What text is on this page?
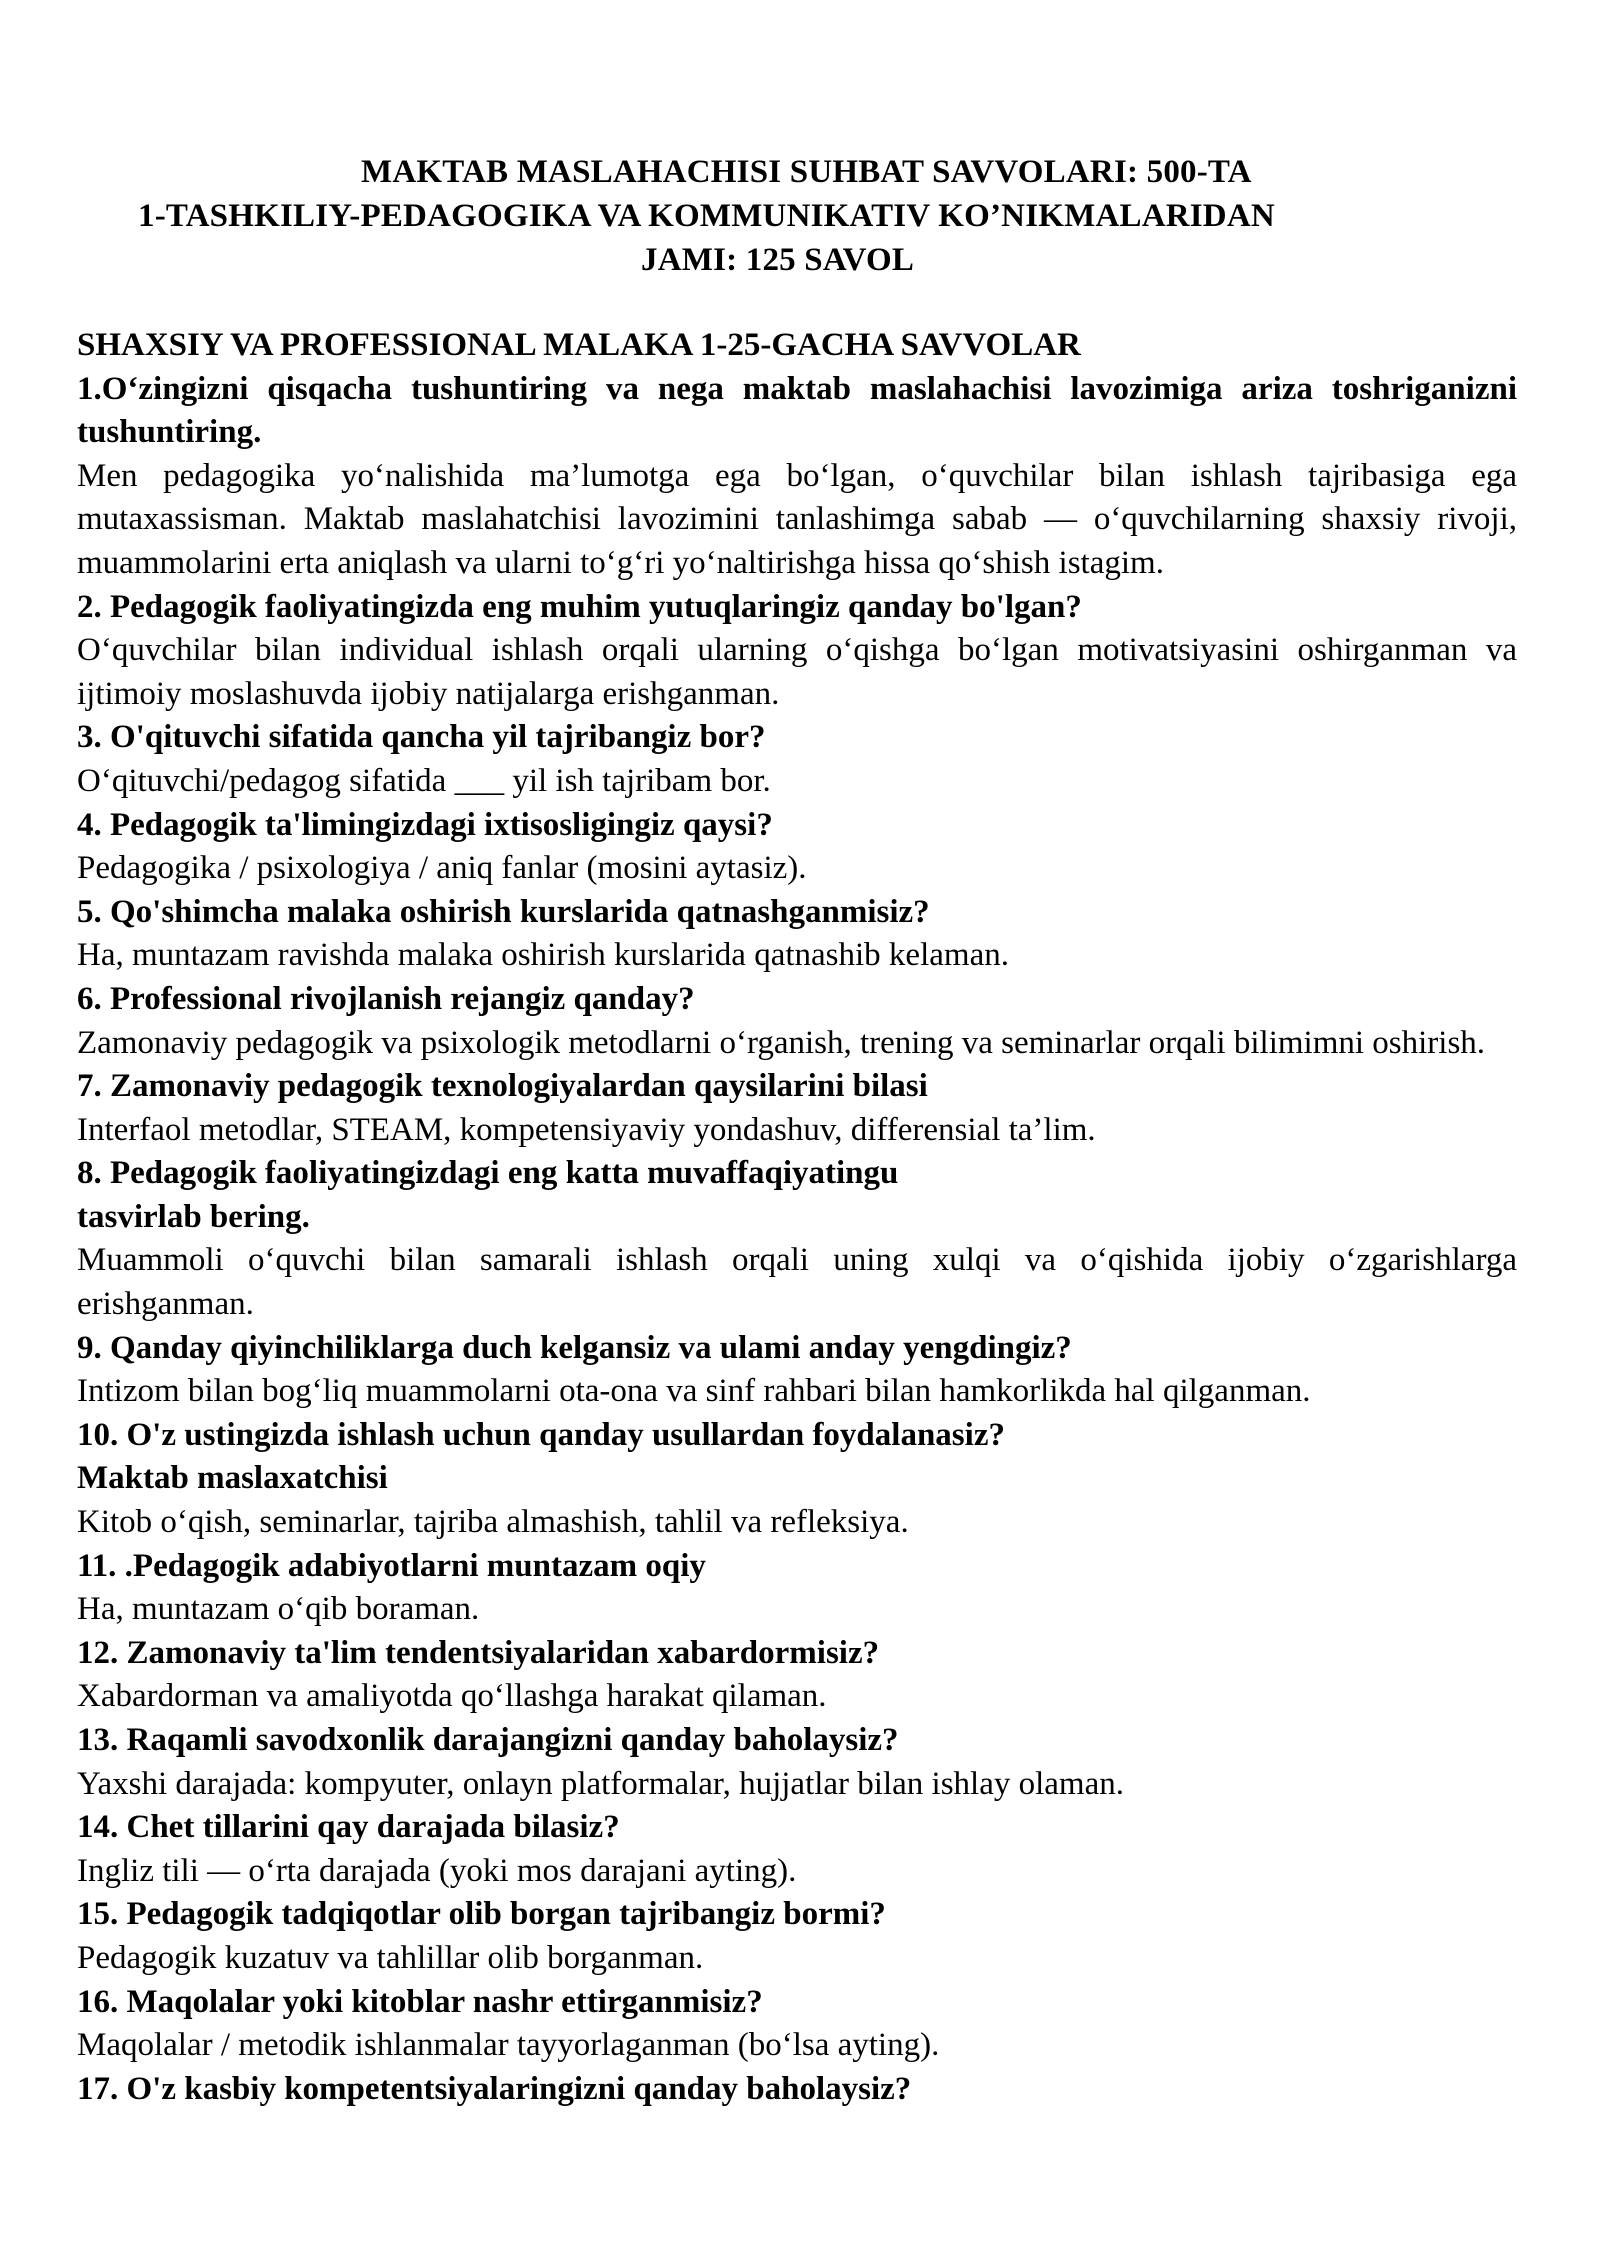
MAKTAB MASLAHACHISI SUHBAT SAVVOLARI: 500-TA
1-TASHKILIY-PEDAGOGIKA VA KOMMUNIKATIV KO’NIKMALARIDAN
JAMI: 125 SAVOL
SHAXSIY VA PROFESSIONAL MALAKA 1-25-GACHA SAVVOLAR
1.O‘zingizni qisqacha tushuntiring va nega maktab maslahachisi lavozimiga ariza toshriganizni tushuntiring.
Men pedagogika yo‘nalishida ma’lumotga ega bo‘lgan, o‘quvchilar bilan ishlash tajribasiga ega mutaxassisman. Maktab maslahatchisi lavozimini tanlashimga sabab — o‘quvchilarning shaxsiy rivoji, muammolarini erta aniqlash va ularni to‘g‘ri yo‘naltirishga hissa qo‘shish istagim.
2. Pedagogik faoliyatingizda eng muhim yutuqlaringiz qanday bo'lgan?
O‘quvchilar bilan individual ishlash orqali ularning o‘qishga bo‘lgan motivatsiyasini oshirganman va ijtimoiy moslashuvda ijobiy natijalarga erishganman.
3. O'qituvchi sifatida qancha yil tajribangiz bor?
O‘qituvchi/pedagog sifatida ___ yil ish tajribam bor.
4. Pedagogik ta'limingizdagi ixtisosligingiz qaysi?
Pedagogika / psixologiya / aniq fanlar (mosini aytasiz).
5. Qo'shimcha malaka oshirish kurslarida qatnashganmisiz?
Ha, muntazam ravishda malaka oshirish kurslarida qatnashib kelaman.
6. Professional rivojlanish rejangiz qanday?
Zamonaviy pedagogik va psixologik metodlarni o‘rganish, trening va seminarlar orqali bilimimni oshirish.
7. Zamonaviy pedagogik texnologiyalardan qaysilarini bilasi
Interfaol metodlar, STEAM, kompetensiyaviy yondashuv, differensial ta’lim.
8. Pedagogik faoliyatingizdagi eng katta muvaffaqiyatingu
tasvirlab bering.
Muammoli o‘quvchi bilan samarali ishlash orqali uning xulqi va o‘qishida ijobiy o‘zgarishlarga erishganman.
9. Qanday qiyinchiliklarga duch kelgansiz va ulami anday yengdingiz?
Intizom bilan bog‘liq muammolarni ota-ona va sinf rahbari bilan hamkorlikda hal qilganman.
10. O'z ustingizda ishlash uchun qanday usullardan foydalanasiz?
Maktab maslaxatchisi
Kitob o‘qish, seminarlar, tajriba almashish, tahlil va refleksiya.
11. .Pedagogik adabiyotlarni muntazam oqiy
Ha, muntazam o‘qib boraman.
12. Zamonaviy ta'lim tendentsiyalaridan xabardormisiz?
Xabardorman va amaliyotda qo‘llashga harakat qilaman.
13. Raqamli savodxonlik darajangizni qanday baholaysiz?
Yaxshi darajada: kompyuter, onlayn platformalar, hujjatlar bilan ishlay olaman.
14. Chet tillarini qay darajada bilasiz?
Ingliz tili — o‘rta darajada (yoki mos darajani ayting).
15. Pedagogik tadqiqotlar olib borgan tajribangiz bormi?
Pedagogik kuzatuv va tahlillar olib borganman.
16. Maqolalar yoki kitoblar nashr ettirganmisiz?
Maqolalar / metodik ishlanmalar tayyorlaganman (bo‘lsa ayting).
17. O'z kasbiy kompetentsiyalaringizni qanday baholaysiz?
